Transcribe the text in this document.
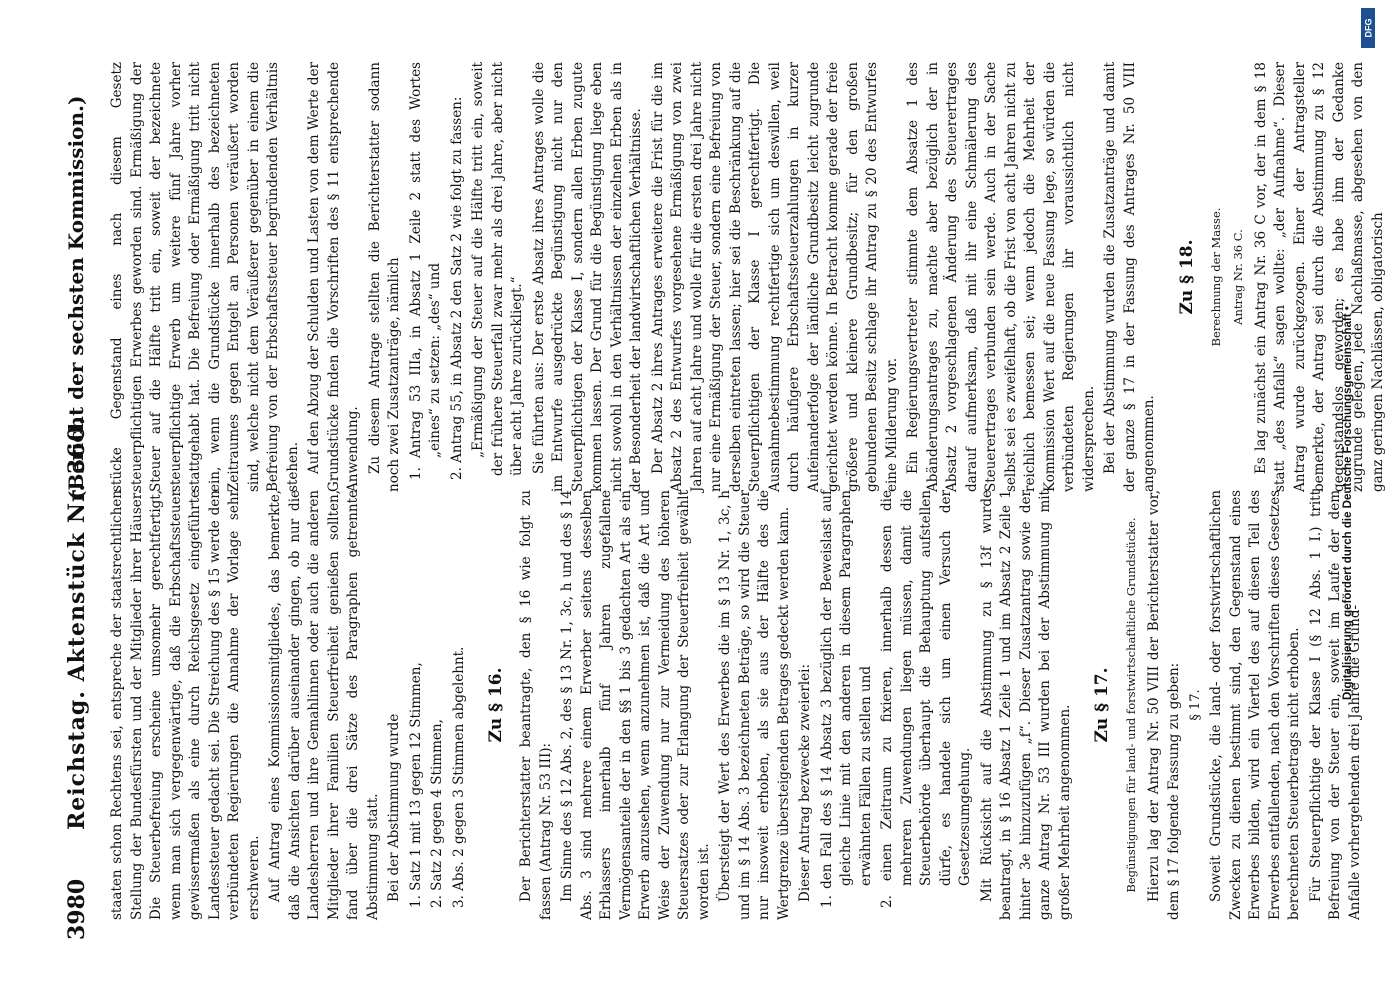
3980
Reichstag. Aktenstück Nr. 360.
(Bericht der sechsten Kommission.)

staaten schon Rechtens sei, entspreche der staatsrechtlichen Stellung der Bundesfürsten und der Mitglieder ihrer Häuser. Die Steuerbefreiung erscheine umsomehr gerechtfertigt, wenn man sich vergegenwärtige, daß die Erbschaftssteuer gewissermaßen als eine durch Reichsgesetz eingeführte Landessteuer gedacht sei. Die Streichung des § 15 werde den verbündeten Regierungen die Annahme der Vorlage sehr erschweren. Auf Antrag eines Kommissionsmitgliedes, das bemerkte, daß die Ansichten darüber auseinander gingen, ob nur die Landesherren und ihre Gemahlinnen oder auch die anderen Mitglieder ihrer Familien Steuerfreiheit genießen sollten, fand über die drei Sätze des Paragraphen getrennte Abstimmung statt. Bei der Abstimmung wurde 1. Satz 1 mit 13 gegen 12 Stimmen, 2. Satz 2 gegen 4 Stimmen, 3. Abs. 2 gegen 3 Stimmen abgelehnt. Zu § 16. Der Berichterstatter beantragte, den § 16 wie folgt zu fassen (Antrag Nr. 53 III): Im Sinne des § 12 Abs. 2, des § 13 Nr. 1, 3c, h und des § 14 Abs. 3 sind mehrere einem Erwerber seitens desselben Erblassers innerhalb fünf Jahren zugefallene Vermögensanteile der in den §§ 1 bis 3 gedachten Art als ein Erwerb anzusehen, wenn anzunehmen ist, daß die Art und Weise der Zuwendung nur zur Vermeidung des höheren Steuersatzes oder zur Erlangung der Steuerfreiheit gewählt worden ist. Übersteigt der Wert des Erwerbes die im § 13 Nr. 1, 3c, h und im § 14 Abs. 3 bezeichneten Beträge, so wird die Steuer nur insoweit erhoben, als sie aus der Hälfte des die Wertgrenze übersteigenden Betrages gedeckt werden kann. Dieser Antrag bezwecke zweierlei: 1. den Fall des § 14 Absatz 3 bezüglich der Beweislast auf gleiche Linie mit den anderen in diesem Paragraphen erwähnten Fällen zu stellen und 2. einen Zeitraum zu fixieren, innerhalb dessen die mehreren Zuwendungen liegen müssen, damit die Steuerbehörde überhaupt die Behauptung aufstellen dürfe, es handele sich um einen Versuch der Gesetzesumgehung. Mit Rücksicht auf die Abstimmung zu § 13f wurde beantragt, in § 16 Absatz 1 Zeile 1 und im Absatz 2 Zeile 1 hinter 3e hinzuzufügen „f“. Dieser Zusatzantrag sowie der ganze Antrag Nr. 53 III wurden bei der Abstimmung mit großer Mehrheit angenommen. Zu § 17. Begünstigungen für land- und forstwirtschaftliche Grundstücke. Hierzu lag der Antrag Nr. 50 VIII der Berichterstatter vor, dem § 17 folgende Fassung zu geben: § 17. Soweit Grundstücke, die land- oder forstwirtschaftlichen Zwecken zu dienen bestimmt sind, den Gegenstand eines Erwerbes bilden, wird ein Viertel des auf diesen Teil des Erwerbes entfallenden, nach den Vorschriften dieses Gesetzes berechneten Steuerbetrags nicht erhoben. Für Steuerpflichtige der Klasse I (§ 12 Abs. 1 I.) tritt Befreiung von der Steuer ein, soweit im Laufe der dem Anfalle vorhergehenden drei Jahre die Grund-

stücke Gegenstand eines nach diesem Gesetz steuerpflichtigen Erwerbes geworden sind. Ermäßigung der Steuer auf die Hälfte tritt ein, soweit der bezeichnete steuerpflichtige Erwerb um weitere fünf Jahre vorher stattgehabt hat. Die Befreiung oder Ermäßigung tritt nicht ein, wenn die Grundstücke innerhalb des bezeichneten Zeitraumes gegen Entgelt an Personen veräußert worden sind, welche nicht dem Veräußerer gegenüber in einem die Befreiung von der Erbschaftssteuer begründenden Verhältnis stehen. Auf den Abzug der Schulden und Lasten von dem Werte der Grundstücke finden die Vorschriften des § 11 entsprechende Anwendung. Zu diesem Antrage stellten die Berichterstatter sodann noch zwei Zusatzanträge, nämlich 1. Antrag 53 IIIa, in Absatz 1 Zeile 2 statt des Wortes „eines“ zu setzen: „des“ und 2. Antrag 55, in Absatz 2 den Satz 2 wie folgt zu fassen: „Ermäßigung der Steuer auf die Hälfte tritt ein, soweit der frühere Steuerfall zwar mehr als drei Jahre, aber nicht über acht Jahre zurückliegt.“ Sie führten aus: Der erste Absatz ihres Antrages wolle die im Entwurfe ausgedrückte Begünstigung nicht nur den Steuerpflichtigen der Klasse I, sondern allen Erben zugute kommen lassen. Der Grund für die Begünstigung liege eben nicht sowohl in den Verhältnissen der einzelnen Erben als in der Besonderheit der landwirtschaftlichen Verhältnisse. Der Absatz 2 ihres Antrages erweitere die Frist für die im Absatz 2 des Entwurfes vorgesehene Ermäßigung von zwei Jahren auf acht Jahre und wolle für die ersten drei Jahre nicht nur eine Ermäßigung der Steuer, sondern eine Befreiung von derselben eintreten lassen; hier sei die Beschränkung auf die Steuerpflichtigen der Klasse I gerechtfertigt. Die Ausnahmebestimmung rechtfertige sich um deswillen, weil durch häufigere Erbschaftssteuerzahlungen in kurzer Aufeinanderfolge der ländliche Grundbesitz leicht zugrunde gerichtet werden könne. In Betracht komme gerade der freie größere und kleinere Grundbesitz; für den großen gebundenen Besitz schlage ihr Antrag zu § 20 des Entwurfes eine Milderung vor. Ein Regierungsvertreter stimmte dem Absatze 1 des Abänderungsantrages zu, machte aber bezüglich der in Absatz 2 vorgeschlagenen Änderung des Steuerertrages darauf aufmerksam, daß mit ihr eine Schmälerung des Steuerertrages verbunden sein werde. Auch in der Sache selbst sei es zweifelhaft, ob die Frist von acht Jahren nicht zu reichlich bemessen sei; wenn jedoch die Mehrheit der Kommission Wert auf die neue Fassung lege, so würden die verbündeten Regierungen ihr voraussichtlich nicht widersprechen. Bei der Abstimmung wurden die Zusatzanträge und damit der ganze § 17 in der Fassung des Antrages Nr. 50 VIII angenommen.

Zu § 18. Berechnung der Masse. Antrag Nr. 36 C. Es lag zunächst ein Antrag Nr. 36 C vor, der in dem § 18 statt „des Anfalls“ sagen wollte: „der Aufnahme“. Dieser Antrag wurde zurückgezogen. Einer der Antragsteller bemerkte, der Antrag sei durch die Abstimmung zu § 12 gegenstandslos geworden; es habe ihm der Gedanke zugrunde gelegen, jede Nachlaßmasse, abgesehen von den ganz geringen Nachlässen, obligatorisch

Digitalisierung gefördert durch die Deutsche Forschungsgemeinschaft •
DFG
